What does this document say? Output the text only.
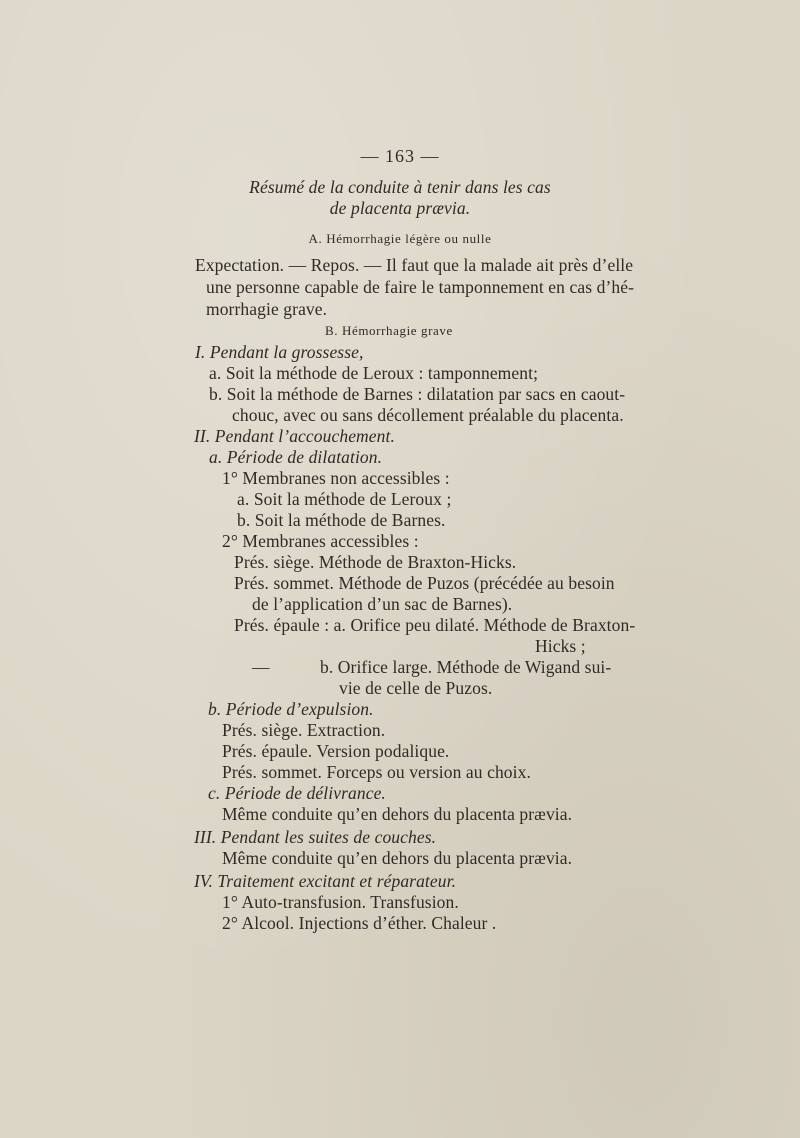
— 163 —
Résumé de la conduite à tenir dans les cas
de placenta prævia.
A. Hémorrhagie légère ou nulle
Expectation. — Repos. — Il faut que la malade ait près d’elle
une personne capable de faire le tamponnement en cas d’hé-
morrhagie grave.
B. Hémorrhagie grave
I. Pendant la grossesse,
a. Soit la méthode de Leroux : tamponnement;
b. Soit la méthode de Barnes : dilatation par sacs en caout-
chouc, avec ou sans décollement préalable du placenta.
II. Pendant l’accouchement.
a. Période de dilatation.
1° Membranes non accessibles :
a. Soit la méthode de Leroux ;
b. Soit la méthode de Barnes.
2° Membranes accessibles :
Prés. siège. Méthode de Braxton-Hicks.
Prés. sommet. Méthode de Puzos (précédée au besoin
de l’application d’un sac de Barnes).
Prés. épaule : a. Orifice peu dilaté. Méthode de Braxton-
Hicks ;
—	b. Orifice large. Méthode de Wigand sui-
vie de celle de Puzos.
b. Période d’expulsion.
Prés. siège. Extraction.
Prés. épaule. Version podalique.
Prés. sommet. Forceps ou version au choix.
c. Période de délivrance.
Même conduite qu’en dehors du placenta prævia.
III. Pendant les suites de couches.
Même conduite qu’en dehors du placenta prævia.
IV. Traitement excitant et réparateur.
1° Auto-transfusion. Transfusion.
2° Alcool. Injections d’éther. Chaleur .
